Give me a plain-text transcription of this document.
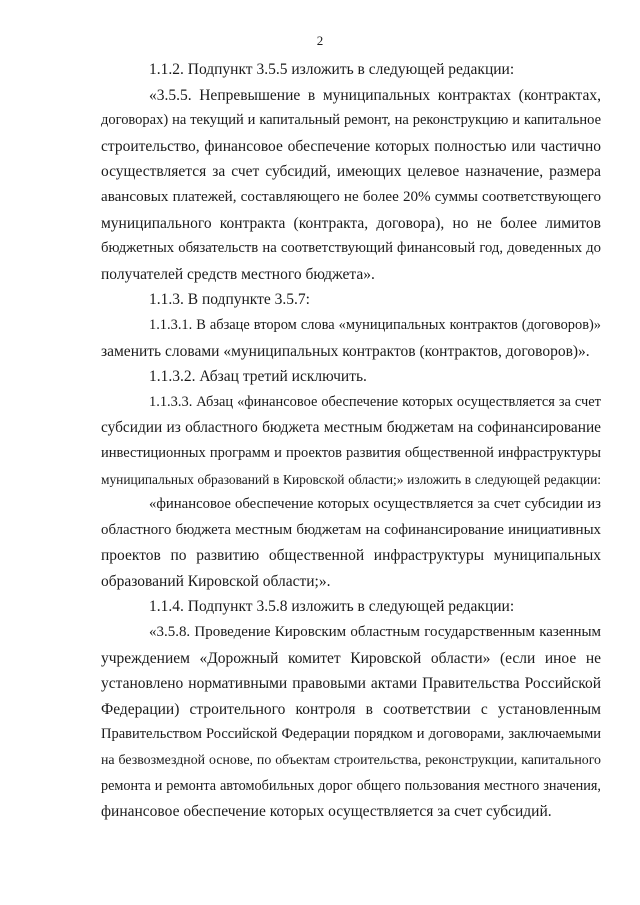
2
1.1.2. Подпункт 3.5.5 изложить в следующей редакции:
«3.5.5. Непревышение в муниципальных контрактах (контрактах,
договорах) на текущий и капитальный ремонт, на реконструкцию и капитальное
строительство, финансовое обеспечение которых полностью или частично
осуществляется за счет субсидий, имеющих целевое назначение, размера
авансовых платежей, составляющего не более 20% суммы соответствующего
муниципального контракта (контракта, договора), но не более лимитов
бюджетных обязательств на соответствующий финансовый год, доведенных до
получателей средств местного бюджета».
1.1.3. В подпункте 3.5.7:
1.1.3.1. В абзаце втором слова «муниципальных контрактов (договоров)»
заменить словами «муниципальных контрактов (контрактов, договоров)».
1.1.3.2. Абзац третий исключить.
1.1.3.3. Абзац «финансовое обеспечение которых осуществляется за счет
субсидии из областного бюджета местным бюджетам на софинансирование
инвестиционных программ и проектов развития общественной инфраструктуры
муниципальных образований в Кировской области;» изложить в следующей редакции:
«финансовое обеспечение которых осуществляется за счет субсидии из
областного бюджета местным бюджетам на софинансирование инициативных
проектов по развитию общественной инфраструктуры муниципальных
образований Кировской области;».
1.1.4. Подпункт 3.5.8 изложить в следующей редакции:
«3.5.8. Проведение Кировским областным государственным казенным
учреждением «Дорожный комитет Кировской области» (если иное не
установлено нормативными правовыми актами Правительства Российской
Федерации) строительного контроля в соответствии с установленным
Правительством Российской Федерации порядком и договорами, заключаемыми
на безвозмездной основе, по объектам строительства, реконструкции, капитального
ремонта и ремонта автомобильных дорог общего пользования местного значения,
финансовое обеспечение которых осуществляется за счет субсидий.
